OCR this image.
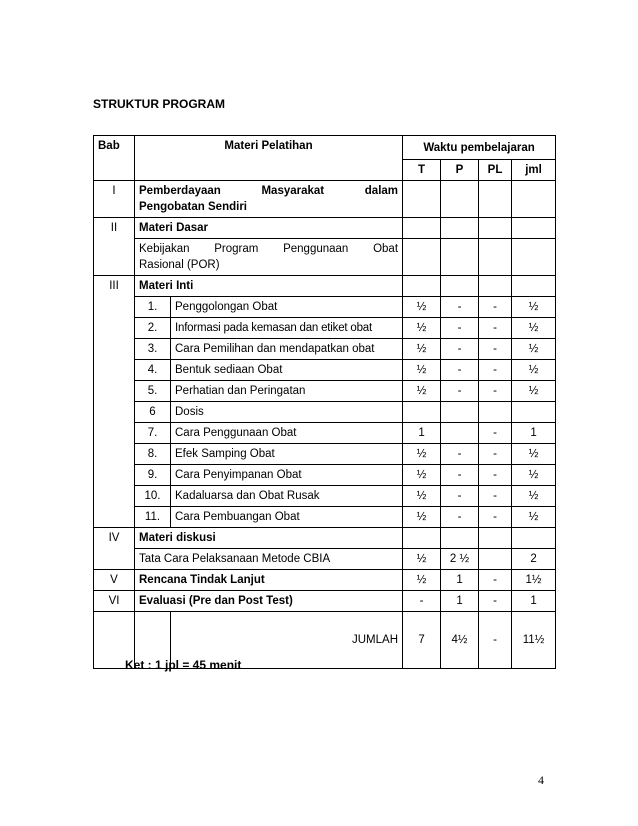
STRUKTUR PROGRAM
Bab	Materi Pelatihan		Waktu pembelajaran			
			T	P	PL	jml
I	Pemberdayaan Masyarakat dalam
Pengobatan Sendiri					

II	Materi Dasar					

	Kebijakan Program Penggunaan Obat
Rasional (POR)					

III	Materi Inti					
	1.	Penggolongan Obat	½	-	-	½
	2.	Informasi pada kemasan dan etiket obat	½	-	-	½
	3.	Cara Pemilihan dan mendapatkan obat	½	-	-	½
	4.	Bentuk sediaan Obat	½	-	-	½
	5.	Perhatian dan Peringatan	½	-	-	½
	6	Dosis				
	7.	Cara Penggunaan Obat	1		-	1
	8.	Efek Samping Obat	½	-	-	½
	9.	Cara Penyimpanan Obat	½	-	-	½
	10.	Kadaluarsa dan Obat Rusak	½	-	-	½
	11.	Cara Pembuangan Obat	½	-	-	½
IV	Materi diskusi					
	Tata Cara Pelaksanaan Metode CBIA		½	2 ½		2
V	Rencana Tindak Lanjut		½	1	-	1½
VI	Evaluasi (Pre dan Post Test)		-	1	-	1
		JUMLAH	7	4½	-	11½
Ket : 1 jpl = 45 menit
4
